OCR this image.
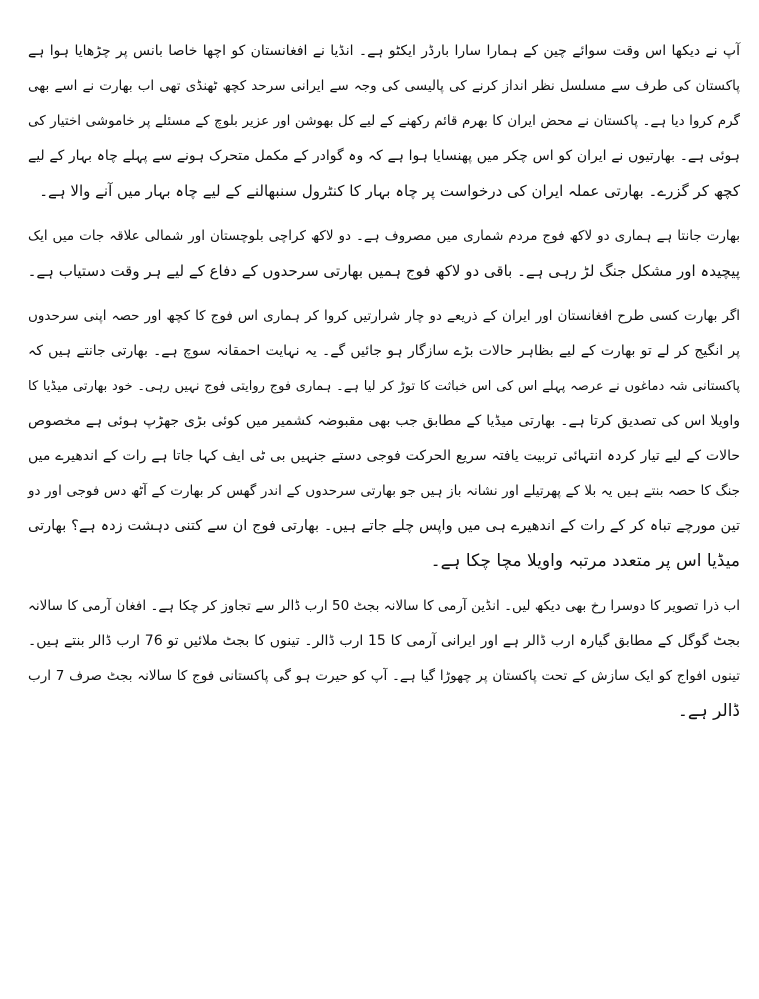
آپ نے دیکھا اس وقت سوائے چین کے ہمارا سارا بارڈر ایکٹو ہے۔ انڈیا نے افغانستان کو اچھا خاصا بانس پر چڑھایا ہوا ہے
پاکستان کی طرف سے مسلسل نظر انداز کرنے کی پالیسی کی وجہ سے ایرانی سرحد کچھ ٹھنڈی تھی اب بھارت نے اسے بھی
گرم کروا دیا ہے۔ پاکستان نے محض ایران کا بھرم قائم رکھنے کے لیے کل بھوشن اور عزیر بلوچ کے مسئلے پر خاموشی اختیار کی
ہوئی ہے۔ بھارتیوں نے ایران کو اس چکر میں پھنسایا ہوا ہے کہ وہ گوادر کے مکمل متحرک ہونے سے پہلے چاہ بہار کے لیے
کچھ کر گزرے۔ بھارتی عملہ ایران کی درخواست پر چاہ بہار کا کنٹرول سنبھالنے کے لیے چاہ بہار میں آنے والا ہے۔
بھارت جانتا ہے ہماری دو لاکھ فوج مردم شماری میں مصروف ہے۔ دو لاکھ کراچی بلوچستان اور شمالی علاقہ جات میں ایک
پیچیدہ اور مشکل جنگ لڑ رہی ہے۔ باقی دو لاکھ فوج ہمیں بھارتی سرحدوں کے دفاع کے لیے ہر وقت دستیاب ہے۔
اگر بھارت کسی طرح افغانستان اور ایران کے ذریعے دو چار شرارتیں کروا کر ہماری اس فوج کا کچھ اور حصہ اپنی سرحدوں
پر انگیج کر لے تو بھارت کے لیے بظاہر حالات بڑے سازگار ہو جائیں گے۔ یہ نہایت احمقانہ سوچ ہے۔ بھارتی جانتے ہیں کہ
پاکستانی شہ دماغوں نے عرصہ پہلے اس کی اس خباثت کا توڑ کر لیا ہے۔ ہماری فوج روایتی فوج نہیں رہی۔ خود بھارتی میڈیا کا
واویلا اس کی تصدیق کرتا ہے۔ بھارتی میڈیا کے مطابق جب بھی مقبوضہ کشمیر میں کوئی بڑی جھڑپ ہوئی ہے مخصوص
حالات کے لیے تیار کردہ انتہائی تربیت یافتہ سریع الحرکت فوجی دستے جنہیں بی ٹی ایف کہا جاتا ہے رات کے اندھیرے میں
جنگ کا حصہ بنتے ہیں یہ بلا کے پھرتیلے اور نشانہ باز ہیں جو بھارتی سرحدوں کے اندر گھس کر بھارت کے آٹھ دس فوجی اور دو
تین مورچے تباہ کر کے رات کے اندھیرے ہی میں واپس چلے جاتے ہیں۔ بھارتی فوج ان سے کتنی دہشت زدہ ہے؟ بھارتی
میڈیا اس پر متعدد مرتبہ واویلا مچا چکا ہے۔
اب ذرا تصویر کا دوسرا رخ بھی دیکھ لیں۔ انڈین آرمی کا سالانہ بجٹ 50 ارب ڈالر سے تجاوز کر چکا ہے۔ افغان آرمی کا سالانہ
بجٹ گوگل کے مطابق گیارہ ارب ڈالر ہے اور ایرانی آرمی کا 15 ارب ڈالر۔ تینوں کا بجٹ ملائیں تو 76 ارب ڈالر بنتے ہیں۔
تینوں افواج کو ایک سازش کے تحت پاکستان پر چھوڑا گیا ہے۔ آپ کو حیرت ہو گی پاکستانی فوج کا سالانہ بجٹ صرف 7 ارب
ڈالر ہے۔
